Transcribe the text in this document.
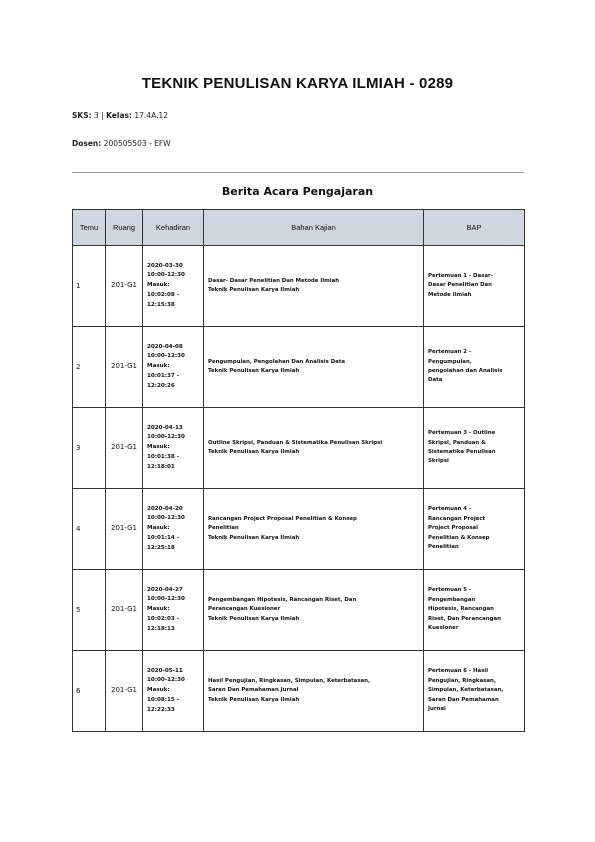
TEKNIK PENULISAN KARYA ILMIAH - 0289
SKS: 3 | Kelas: 17.4A.12
Dosen: 200505503 - EFW
Berita Acara Pengajaran
Temu	Ruang	Kehadiran	Bahan Kajian	BAP
1	201-G1	2020-03-30
10:00-12:30
Masuk:
10:02:08 -
12:15:38	Dasar- Dasar Penelitian Dan Metode Ilmiah
Teknik Penulisan Karya Ilmiah	Pertemuan 1 - Dasar-
Dasar Penelitian Dan
Metode Ilmiah

2	201-G1	2020-04-08
10:00-12:30
Masuk:
10:01:37 -
12:20:26	Pengumpulan, Pengolahan Dan Analisis Data
Teknik Penulisan Karya Ilmiah	Pertemuan 2 -
Pengumpulan,
pengolahan dan Analisis
Data

3	201-G1	2020-04-13
10:00-12:30
Masuk:
10:01:38 -
12:18:01	Outline Skripsi, Panduan & Sistematika Penulisan Skripsi
Teknik Penulisan Karya Ilmiah	Pertemuan 3 - Outline
Skripsi, Panduan &
Sistematika Penulisan
Skripsi

4	201-G1	2020-04-20
10:00-12:30
Masuk:
10:01:14 -
12:25:18	Rancangan Project Proposal Penelitian & Konsep
Penelitian
Teknik Penulisan Karya Ilmiah	Pertemuan 4 -
Rancangan Project
Project Proposal
Penelitian & Konsep
Penelitian

5	201-G1	2020-04-27
10:00-12:30
Masuk:
10:02:03 -
12:18:13	Pengembangan Hipotesis, Rancangan Riset, Dan
Perancangan Kuesioner
Teknik Penulisan Karya Ilmiah	Pertemuan 5 -
Pengembangan
Hipotesis, Rancangan
Riset, Dan Perancangan
Kuesioner

6	201-G1	2020-05-11
10:00-12:30
Masuk:
10:08:15 -
12:22:33	Hasil Pengujian, Ringkasan, Simpulan, Keterbatasan,
Saran Dan Pemahaman Jurnal
Teknik Penulisan Karya Ilmiah	Pertemuan 6 - Hasil
Pengujian, Ringkasan,
Simpulan, Keterbatasan,
Saran Dan Pemahaman
Jurnal
